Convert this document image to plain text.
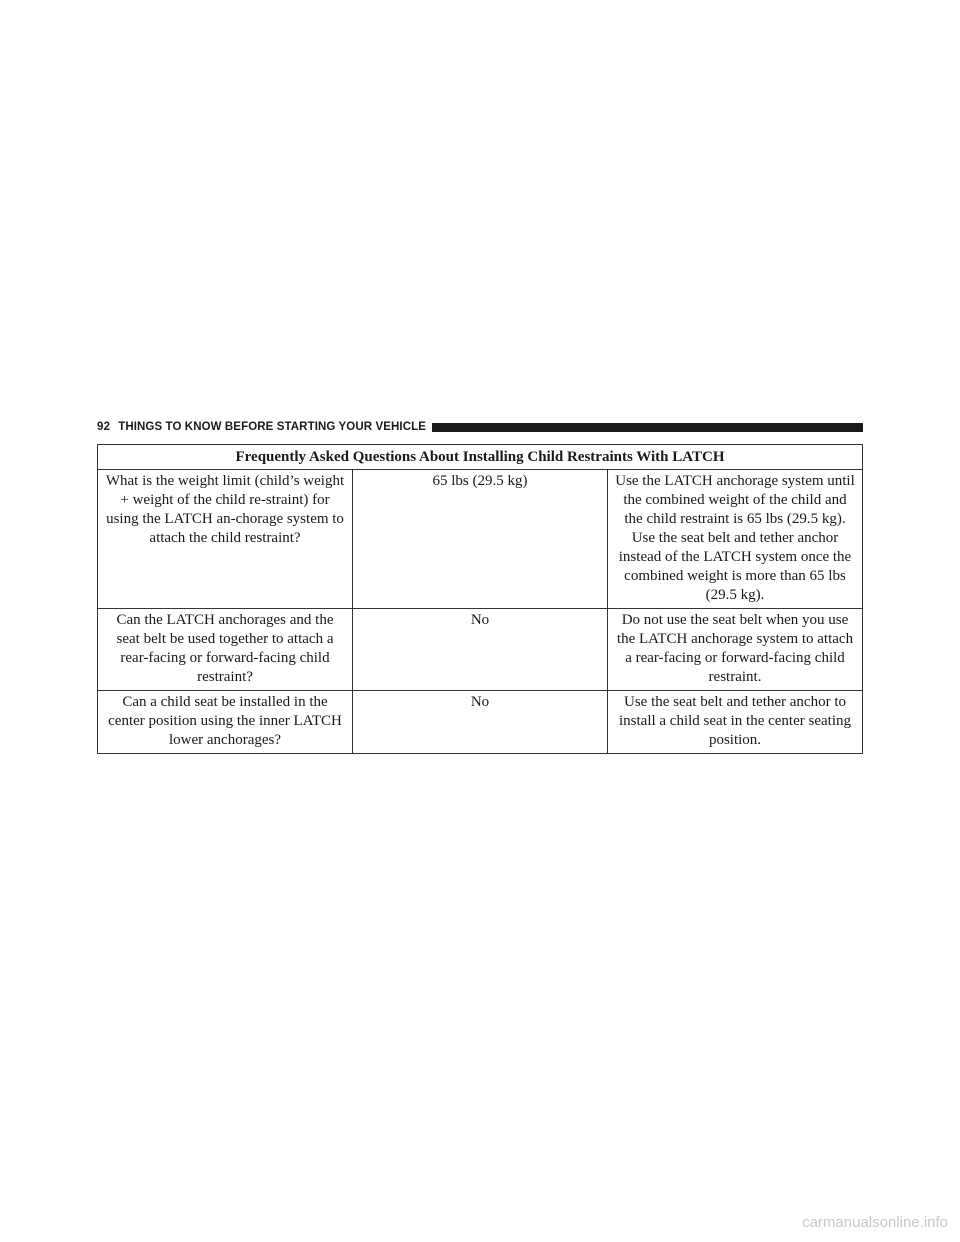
92 THINGS TO KNOW BEFORE STARTING YOUR VEHICLE
Frequently Asked Questions About Installing Child Restraints With LATCH		
What is the weight limit (child’s weight + weight of the child re-straint) for using the LATCH an-chorage system to attach the child restraint?	65 lbs (29.5 kg)	Use the LATCH anchorage system until the combined weight of the child and the child restraint is 65 lbs (29.5 kg). Use the seat belt and tether anchor instead of the LATCH system once the combined weight is more than 65 lbs (29.5 kg).
Can the LATCH anchorages and the seat belt be used together to attach a rear-facing or forward-facing child restraint?	No	Do not use the seat belt when you use the LATCH anchorage system to attach a rear-facing or forward-facing child restraint.
Can a child seat be installed in the center position using the inner LATCH lower anchorages?	No	Use the seat belt and tether anchor to install a child seat in the center seating position.
carmanualsonline.info
